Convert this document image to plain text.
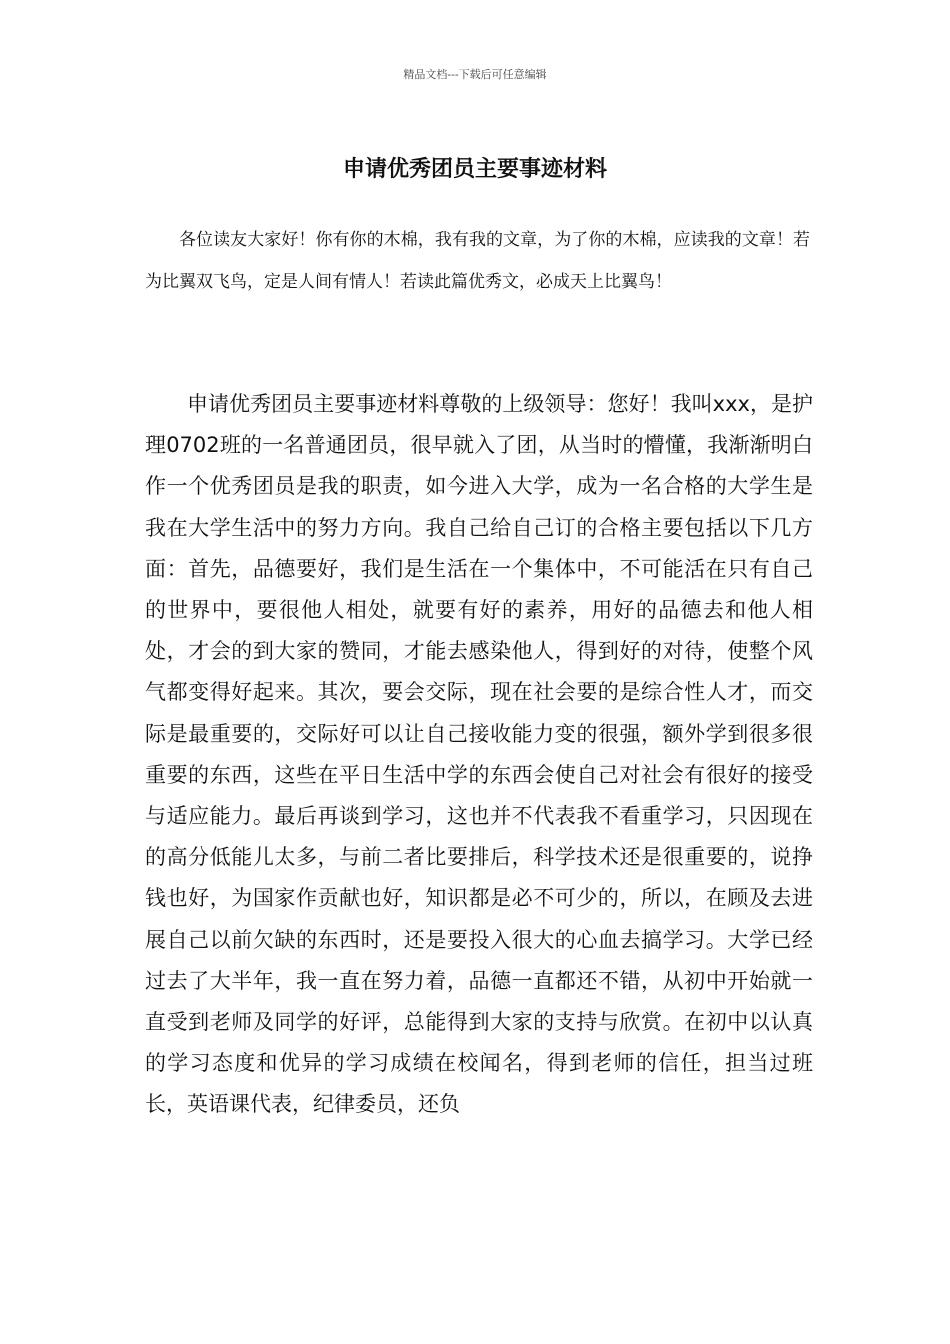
精品文档---下载后可任意编辑
申请优秀团员主要事迹材料

各位读友大家好！你有你的木棉，我有我的文章，为了你的木棉，应读我的文章！若为比翼双飞鸟，定是人间有情人！若读此篇优秀文，必成天上比翼鸟！

申请优秀团员主要事迹材料尊敬的上级领导：您好！我叫xxx，是护理0702班的一名普通团员，很早就入了团，从当时的懵懂，我渐渐明白作一个优秀团员是我的职责，如今进入大学，成为一名合格的大学生是我在大学生活中的努力方向。我自己给自己订的合格主要包括以下几方面：首先，品德要好，我们是生活在一个集体中，不可能活在只有自己的世界中，要很他人相处，就要有好的素养，用好的品德去和他人相处，才会的到大家的赞同，才能去感染他人，得到好的对待，使整个风气都变得好起来。其次，要会交际，现在社会要的是综合性人才，而交际是最重要的，交际好可以让自己接收能力变的很强，额外学到很多很重要的东西，这些在平日生活中学的东西会使自己对社会有很好的接受与适应能力。最后再谈到学习，这也并不代表我不看重学习，只因现在的高分低能儿太多，与前二者比要排后，科学技术还是很重要的，说挣钱也好，为国家作贡献也好，知识都是必不可少的，所以，在顾及去进展自己以前欠缺的东西时，还是要投入很大的心血去搞学习。大学已经过去了大半年，我一直在努力着，品德一直都还不错，从初中开始就一直受到老师及同学的好评，总能得到大家的支持与欣赏。在初中以认真的学习态度和优异的学习成绩在校闻名，得到老师的信任，担当过班长，英语课代表，纪律委员，还负
